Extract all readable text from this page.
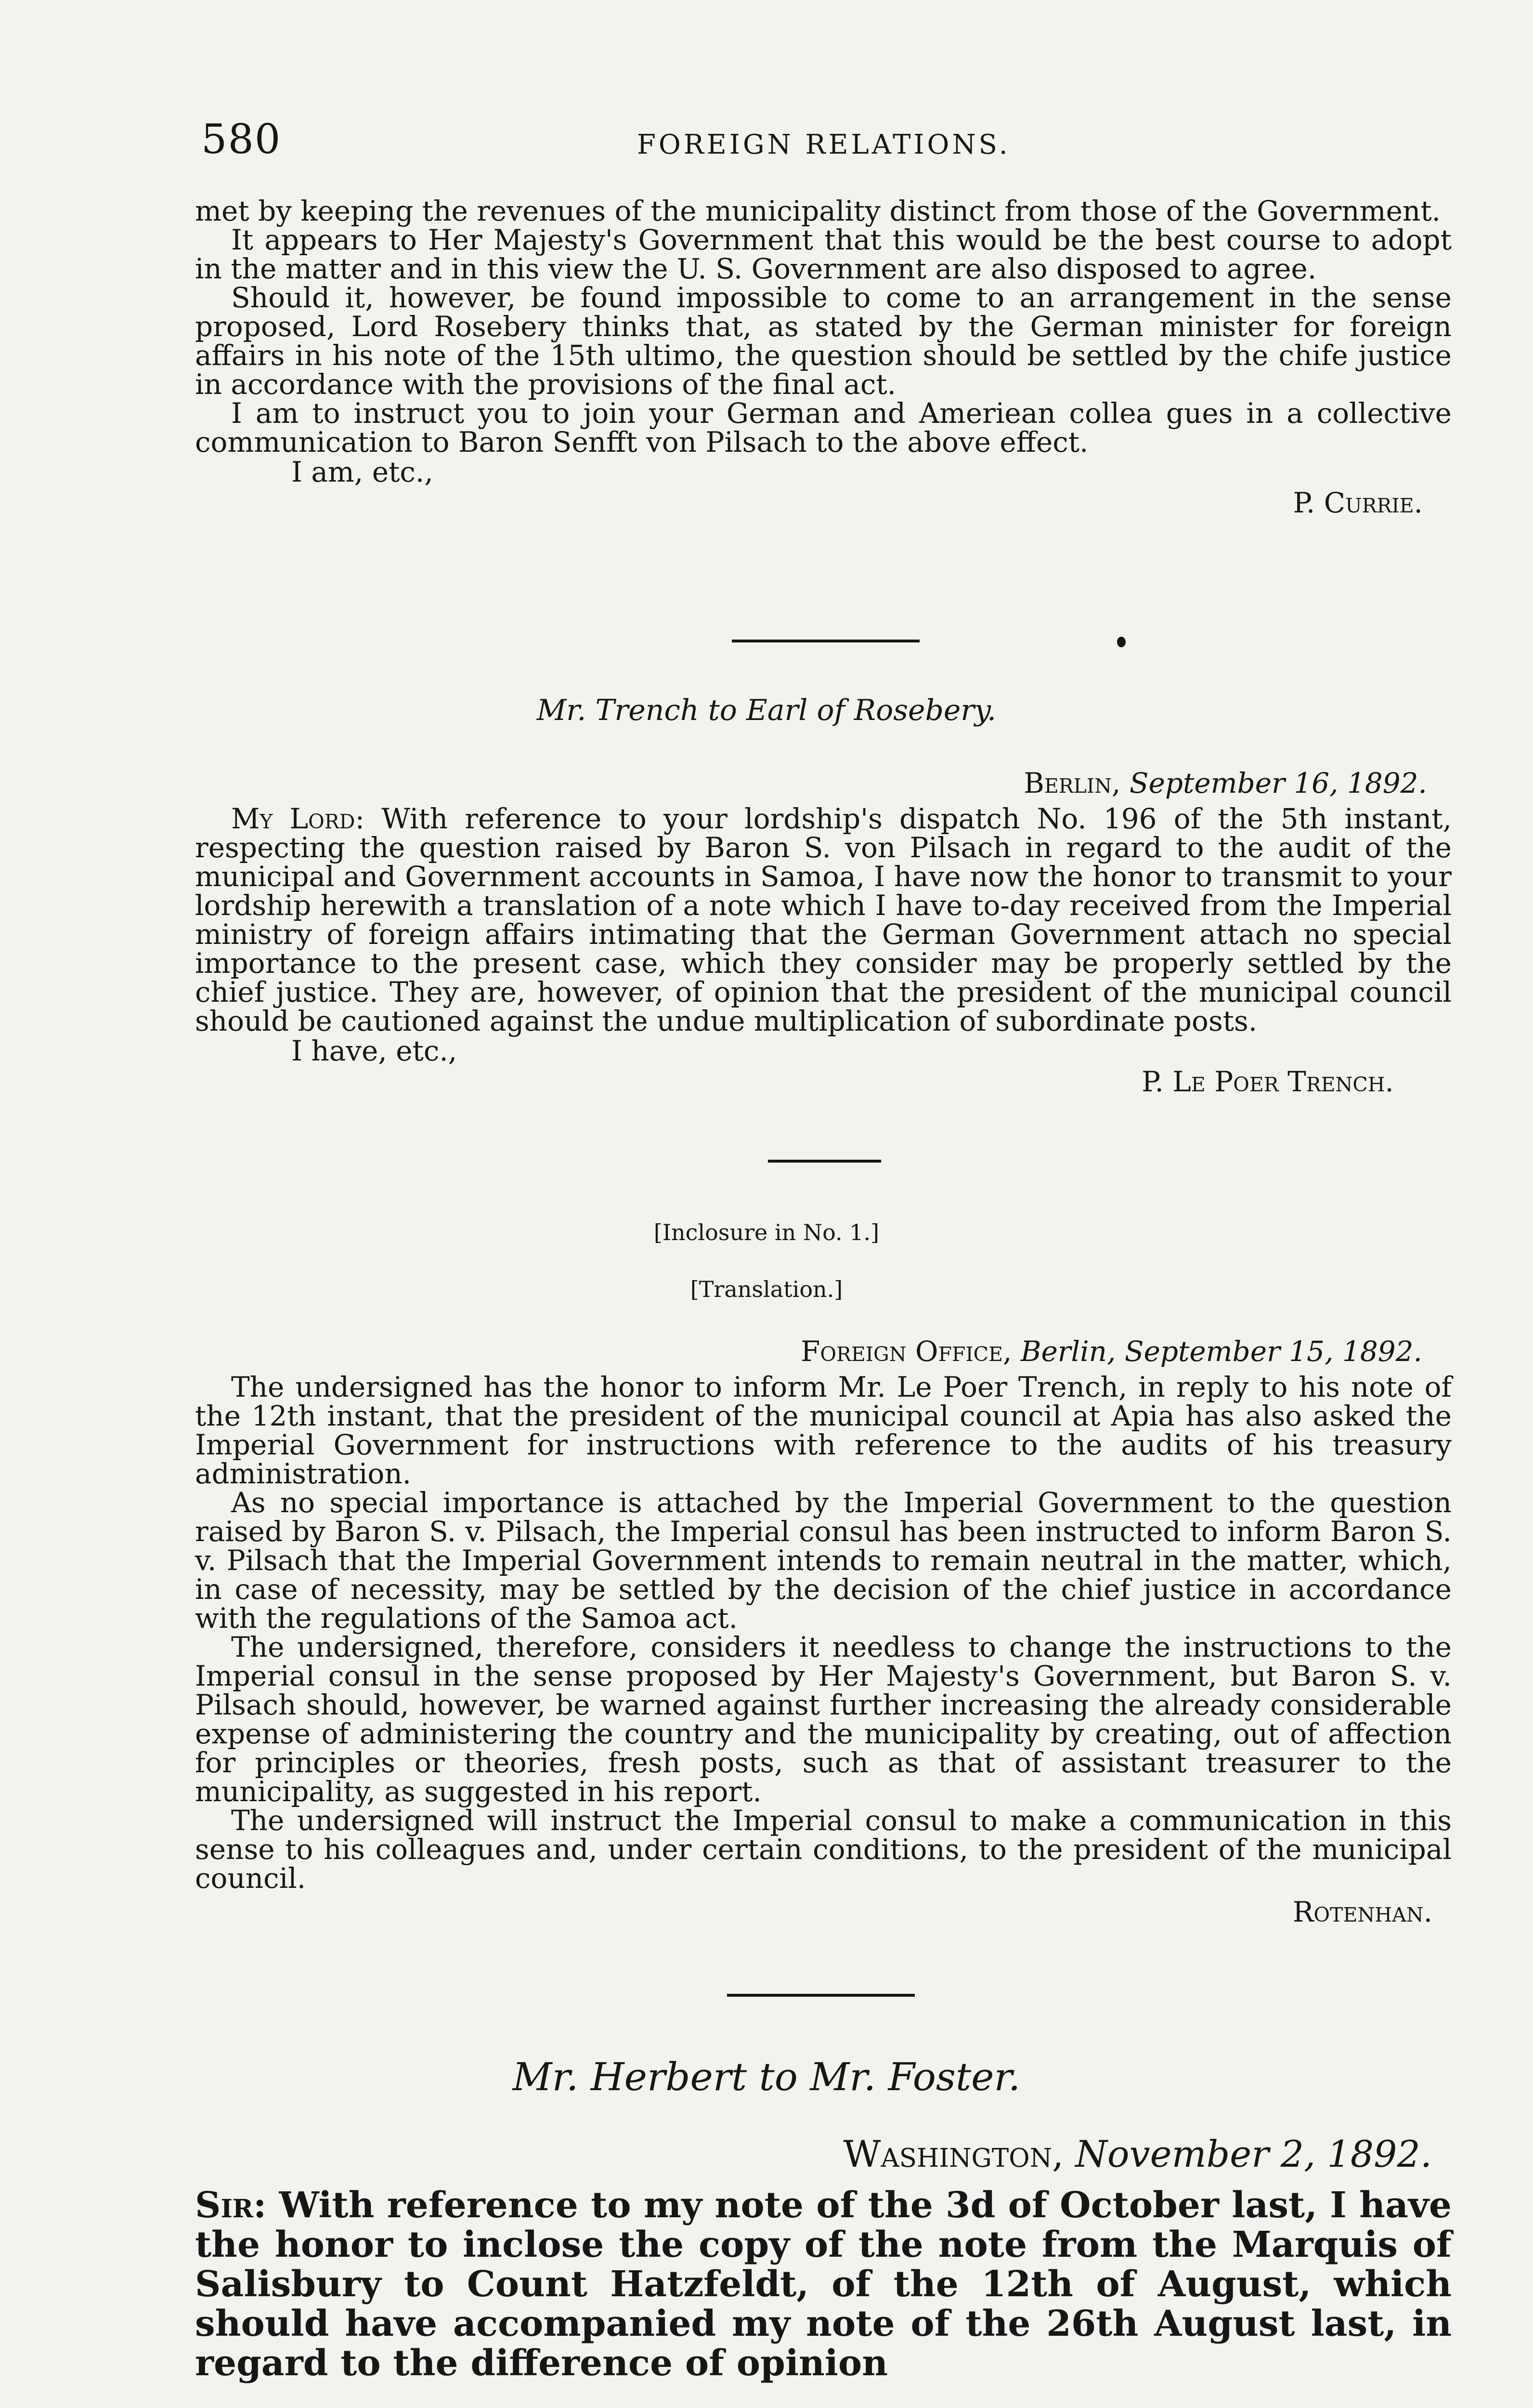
580	FOREIGN RELATIONS.

met by keeping the revenues of the municipality distinct from those of the Government.

It appears to Her Majesty's Government that this would be the best course to adopt in the matter and in this view the U. S. Government are also disposed to agree.

Should it, however, be found impossible to come to an arrangement in the sense proposed, Lord Rosebery thinks that, as stated by the German minister for foreign affairs in his note of the 15th ultimo, the question should be settled by the chife justice in accordance with the provisions of the final act.

I am to instruct you to join your German and Ameriean collea gues in a collective communication to Baron Senfft von Pilsach to the above effect.

I am, etc.,

P. Currie.

Mr. Trench to Earl of Rosebery.
Berlin, September 16, 1892.

My Lord: With reference to your lordship's dispatch No. 196 of the 5th instant, respecting the question raised by Baron S. von Pilsach in regard to the audit of the municipal and Government accounts in Samoa, I have now the honor to transmit to your lordship herewith a translation of a note which I have to-day received from the Imperial ministry of foreign affairs intimating that the German Government attach no special importance to the present case, which they consider may be properly settled by the chief justice. They are, however, of opinion that the president of the municipal council should be cautioned against the undue multiplication of subordinate posts.

I have, etc.,

P. Le Poer Trench.

[Inclosure in No. 1.]
[Translation.]
Foreign Office, Berlin, September 15, 1892.

The undersigned has the honor to inform Mr. Le Poer Trench, in reply to his note of the 12th instant, that the president of the municipal council at Apia has also asked the Imperial Government for instructions with reference to the audits of his treasury administration.

As no special importance is attached by the Imperial Government to the question raised by Baron S. v. Pilsach, the Imperial consul has been instructed to inform Baron S. v. Pilsach that the Imperial Government intends to remain neutral in the matter, which, in case of necessity, may be settled by the decision of the chief justice in accordance with the regulations of the Samoa act.

The undersigned, therefore, considers it needless to change the instructions to the Imperial consul in the sense proposed by Her Majesty's Government, but Baron S. v. Pilsach should, however, be warned against further increasing the already considerable expense of administering the country and the municipality by creating, out of affection for principles or theories, fresh posts, such as that of assistant treasurer to the municipality, as suggested in his report.

The undersigned will instruct the Imperial consul to make a communication in this sense to his colleagues and, under certain conditions, to the president of the municipal council.

Rotenhan.

Mr. Herbert to Mr. Foster.
Washington, November 2, 1892.

Sir: With reference to my note of the 3d of October last, I have the honor to inclose the copy of the note from the Marquis of Salisbury to Count Hatzfeldt, of the 12th of August, which should have accompanied my note of the 26th August last, in regard to the difference of opinion
